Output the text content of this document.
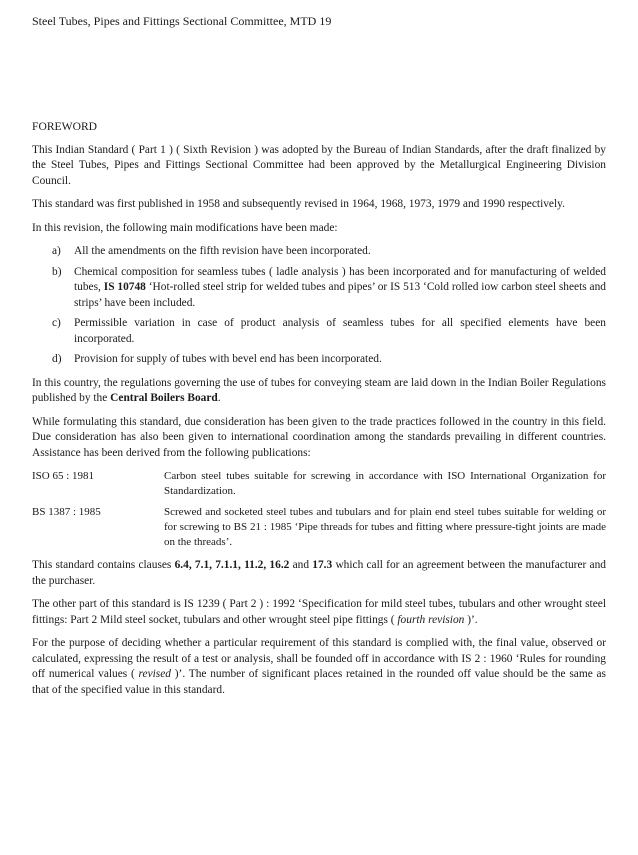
Steel Tubes, Pipes and Fittings Sectional Committee, MTD 19
FOREWORD

This Indian Standard ( Part 1 ) ( Sixth Revision ) was adopted by the Bureau of Indian Standards, after the draft finalized by the Steel Tubes, Pipes and Fittings Sectional Committee had been approved by the Metallurgical Engineering Division Council.

This standard was first published in 1958 and subsequently revised in 1964, 1968, 1973, 1979 and 1990 respectively.

In this revision, the following main modifications have been made:

a)	All the amendments on the fifth revision have been incorporated.
b)	Chemical composition for seamless tubes ( ladle analysis ) has been incorporated and for manufacturing of welded tubes, IS 10748 ‘Hot-rolled steel strip for welded tubes and pipes’ or IS 513 ‘Cold rolled iow carbon steel sheets and strips’ have been included.
c)	Permissible variation in case of product analysis of seamless tubes for all specified elements have been incorporated.
d)	Provision for supply of tubes with bevel end has been incorporated.

In this country, the regulations governing the use of tubes for conveying steam are laid down in the Indian Boiler Regulations published by the Central Boilers Board.

While formulating this standard, due consideration has been given to the trade practices followed in the country in this field. Due consideration has also been given to international coordination among the standards prevailing in different countries. Assistance has been derived from the following publications:

ISO 65 : 1981	Carbon steel tubes suitable for screwing in accordance with ISO International Organization for Standardization.
BS 1387 : 1985	Screwed and socketed steel tubes and tubulars and for plain end steel tubes suitable for welding or for screwing to BS 21 : 1985 ‘Pipe threads for tubes and fitting where pressure-tight joints are made on the threads’.

This standard contains clauses 6.4, 7.1, 7.1.1, 11.2, 16.2 and 17.3 which call for an agreement between the manufacturer and the purchaser.

The other part of this standard is IS 1239 ( Part 2 ) : 1992 ‘Specification for mild steel tubes, tubulars and other wrought steel fittings: Part 2 Mild steel socket, tubulars and other wrought steel pipe fittings ( fourth revision )’.

For the purpose of deciding whether a particular requirement of this standard is complied with, the final value, observed or calculated, expressing the result of a test or analysis, shall be founded off in accordance with IS 2 : 1960 ‘Rules for rounding off numerical values ( revised )’. The number of significant places retained in the rounded off value should be the same as that of the specified value in this standard.
